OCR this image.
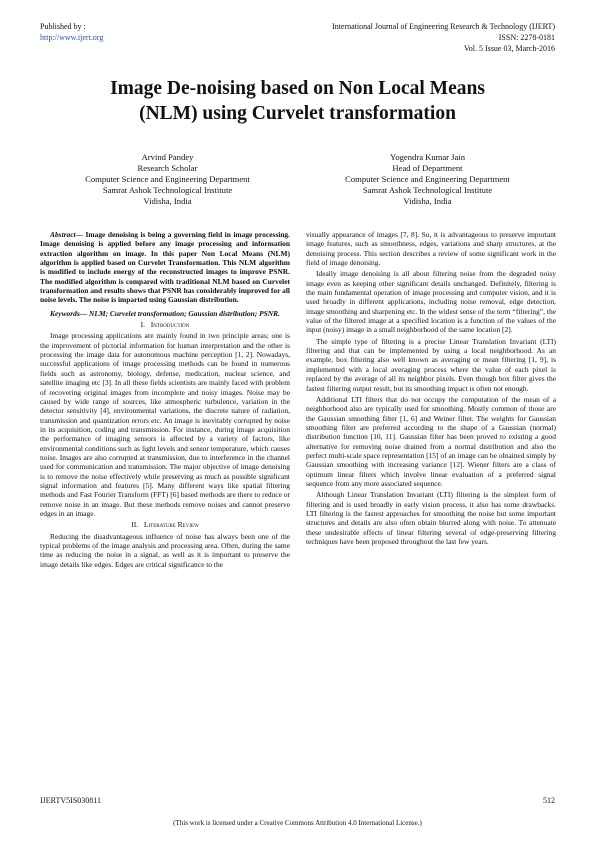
Published by :
http://www.ijert.org
International Journal of Engineering Research & Technology (IJERT)
ISSN: 2278-0181
Vol. 5 Issue 03, March-2016
Image De-noising based on Non Local Means
(NLM) using Curvelet transformation
Arvind Pandey
Research Scholar
Computer Science and Engineering Department
Samrat Ashok Technological Institute
Vidisha, India
Yogendra Kumar Jain
Head of Department
Computer Science and Engineering Department
Samrat Ashok Technological Institute
Vidisha, India

Abstract— Image denoising is being a governing field in image processing. Image denoising is applied before any image processing and information extraction algorithm on image. In this paper Non Local Means (NLM) algorithm is applied based on Curvelet Transformation. This NLM algorithm is modified to include energy of the reconstructed images to improve PSNR. The modified algorithm is compared with traditional NLM based on Curvelet transformation and results shows that PSNR has considerably improved for all noise levels. The noise is imparted using Gaussian distribution.

Keywords— NLM; Curvelet transformation; Gaussian distribution; PSNR.

I. Introduction

Image processing applications are mainly found in two principle areas; one is the improvement of pictorial information for human interpretation and the other is processing the image data for autonomous machine perception [1, 2]. Nowadays, successful applications of image processing methods can be found in numerous fields such as astronomy, biology, defense, medication, nuclear science, and satellite imaging etc [3]. In all these fields scientists are mainly faced with problem of recovering original images from incomplete and noisy images. Noise may be caused by wide range of sources, like atmospheric turbulence, variation in the detector sensitivity [4], environmental variations, the discrete nature of radiation, transmission and quantization errors etc. An image is inevitably corrupted by noise in its acquisition, coding and transmission. For instance, during image acquisition the performance of imaging sensors is affected by a variety of factors, like environmental conditions such as light levels and sensor temperature, which causes noise. Images are also corrupted at transmission, due to interference in the channel used for communication and transmission. The major objective of image denoising is to remove the noise effectively while preserving as much as possible significant signal information and features [5]. Many different ways like spatial filtering methods and Fast Fourier Transform (FFT) [6] based methods are there to reduce or remove noise in an image. But these methods remove noises and cannot preserve edges in an image.

II. Literature Review

Reducing the disadvantageous influence of noise has always been one of the typical problems of the image analysis and processing area. Often, during the same time as reducing the noise in a signal, as well as it is important to preserve the image details like edges. Edges are critical significance to the

visually appearance of images [7, 8]. So, it is advantageous to preserve important image features, such as smoothness, edges, variations and sharp structures, at the denoising process. This section describes a review of some significant work in the field of image denoising.

Ideally image denoising is all about filtering noise from the degraded noisy image even as keeping other significant details unchanged. Definitely, filtering is the main fundamental operation of image processing and computer vision, and it is used broadly in different applications, including noise removal, edge detection, image smoothing and sharpening etc. In the widest sense of the term “filtering”, the value of the filtered image at a specified location is a function of the values of the input (noisy) image in a small neighborhood of the same location [2].

The simple type of filtering is a precise Linear Translation Invariant (LTI) filtering and that can be implemented by using a local neighborhood. As an example, box filtering also well known as averaging or mean filtering [1, 9], is implemented with a local averaging process where the value of each pixel is replaced by the average of all its neighbor pixels. Even though box filter gives the fastest filtering output result, but its smoothing impact is often not enough.

Additional LTI filters that do not occupy the computation of the mean of a neighborhood also are typically used for smoothing. Mostly common of those are the Gaussian smoothing filter [1, 6] and Weiner filter. The weights for Gaussian smoothing filter are preferred according to the shape of a Gaussian (normal) distribution function [10, 11]. Gaussian filter has been proved to existing a good alternative for removing noise drained from a normal distribution and also the perfect multi-scale space representation [15] of an image can be obtained simply by Gaussian smoothing with increasing variance [12]. Wiener filters are a class of optimum linear filters which involve linear evaluation of a preferred signal sequence from any more associated sequence.

Although Linear Translation Invariant (LTI) filtering is the simplest form of filtering and is used broadly in early vision process, it also has some drawbacks. LTI filtering is the fastest approaches for smoothing the noise but some important structures and details are also often obtain blurred along with noise. To attenuate these undesirable effects of linear filtering several of edge-preserving filtering techniques have been proposed throughout the last few years.

IJERTV5IS030811	512
(This work is licensed under a Creative Commons Attribution 4.0 International License.)
